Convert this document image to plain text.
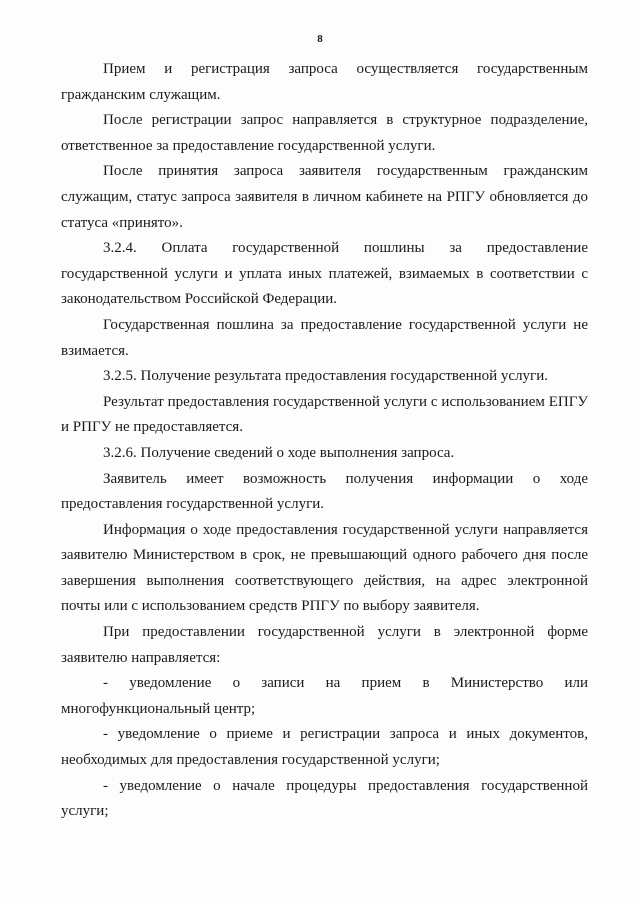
8

Прием и регистрация запроса осуществляется государственным гражданским служащим.

После регистрации запрос направляется в структурное подразделение, ответственное за предоставление государственной услуги.

После принятия запроса заявителя государственным гражданским служащим, статус запроса заявителя в личном кабинете на РПГУ обновляется до статуса «принято».

3.2.4. Оплата государственной пошлины за предоставление государственной услуги и уплата иных платежей, взимаемых в соответствии с законодательством Российской Федерации.

Государственная пошлина за предоставление государственной услуги не взимается.

3.2.5. Получение результата предоставления государственной услуги.

Результат предоставления государственной услуги с использованием ЕПГУ и РПГУ не предоставляется.

3.2.6. Получение сведений о ходе выполнения запроса.

Заявитель имеет возможность получения информации о ходе предоставления государственной услуги.

Информация о ходе предоставления государственной услуги направляется заявителю Министерством в срок, не превышающий одного рабочего дня после завершения выполнения соответствующего действия, на адрес электронной почты или с использованием средств РПГУ по выбору заявителя.

При предоставлении государственной услуги в электронной форме заявителю направляется:

- уведомление о записи на прием в Министерство или многофункциональный центр;

- уведомление о приеме и регистрации запроса и иных документов, необходимых для предоставления государственной услуги;

- уведомление о начале процедуры предоставления государственной услуги;
